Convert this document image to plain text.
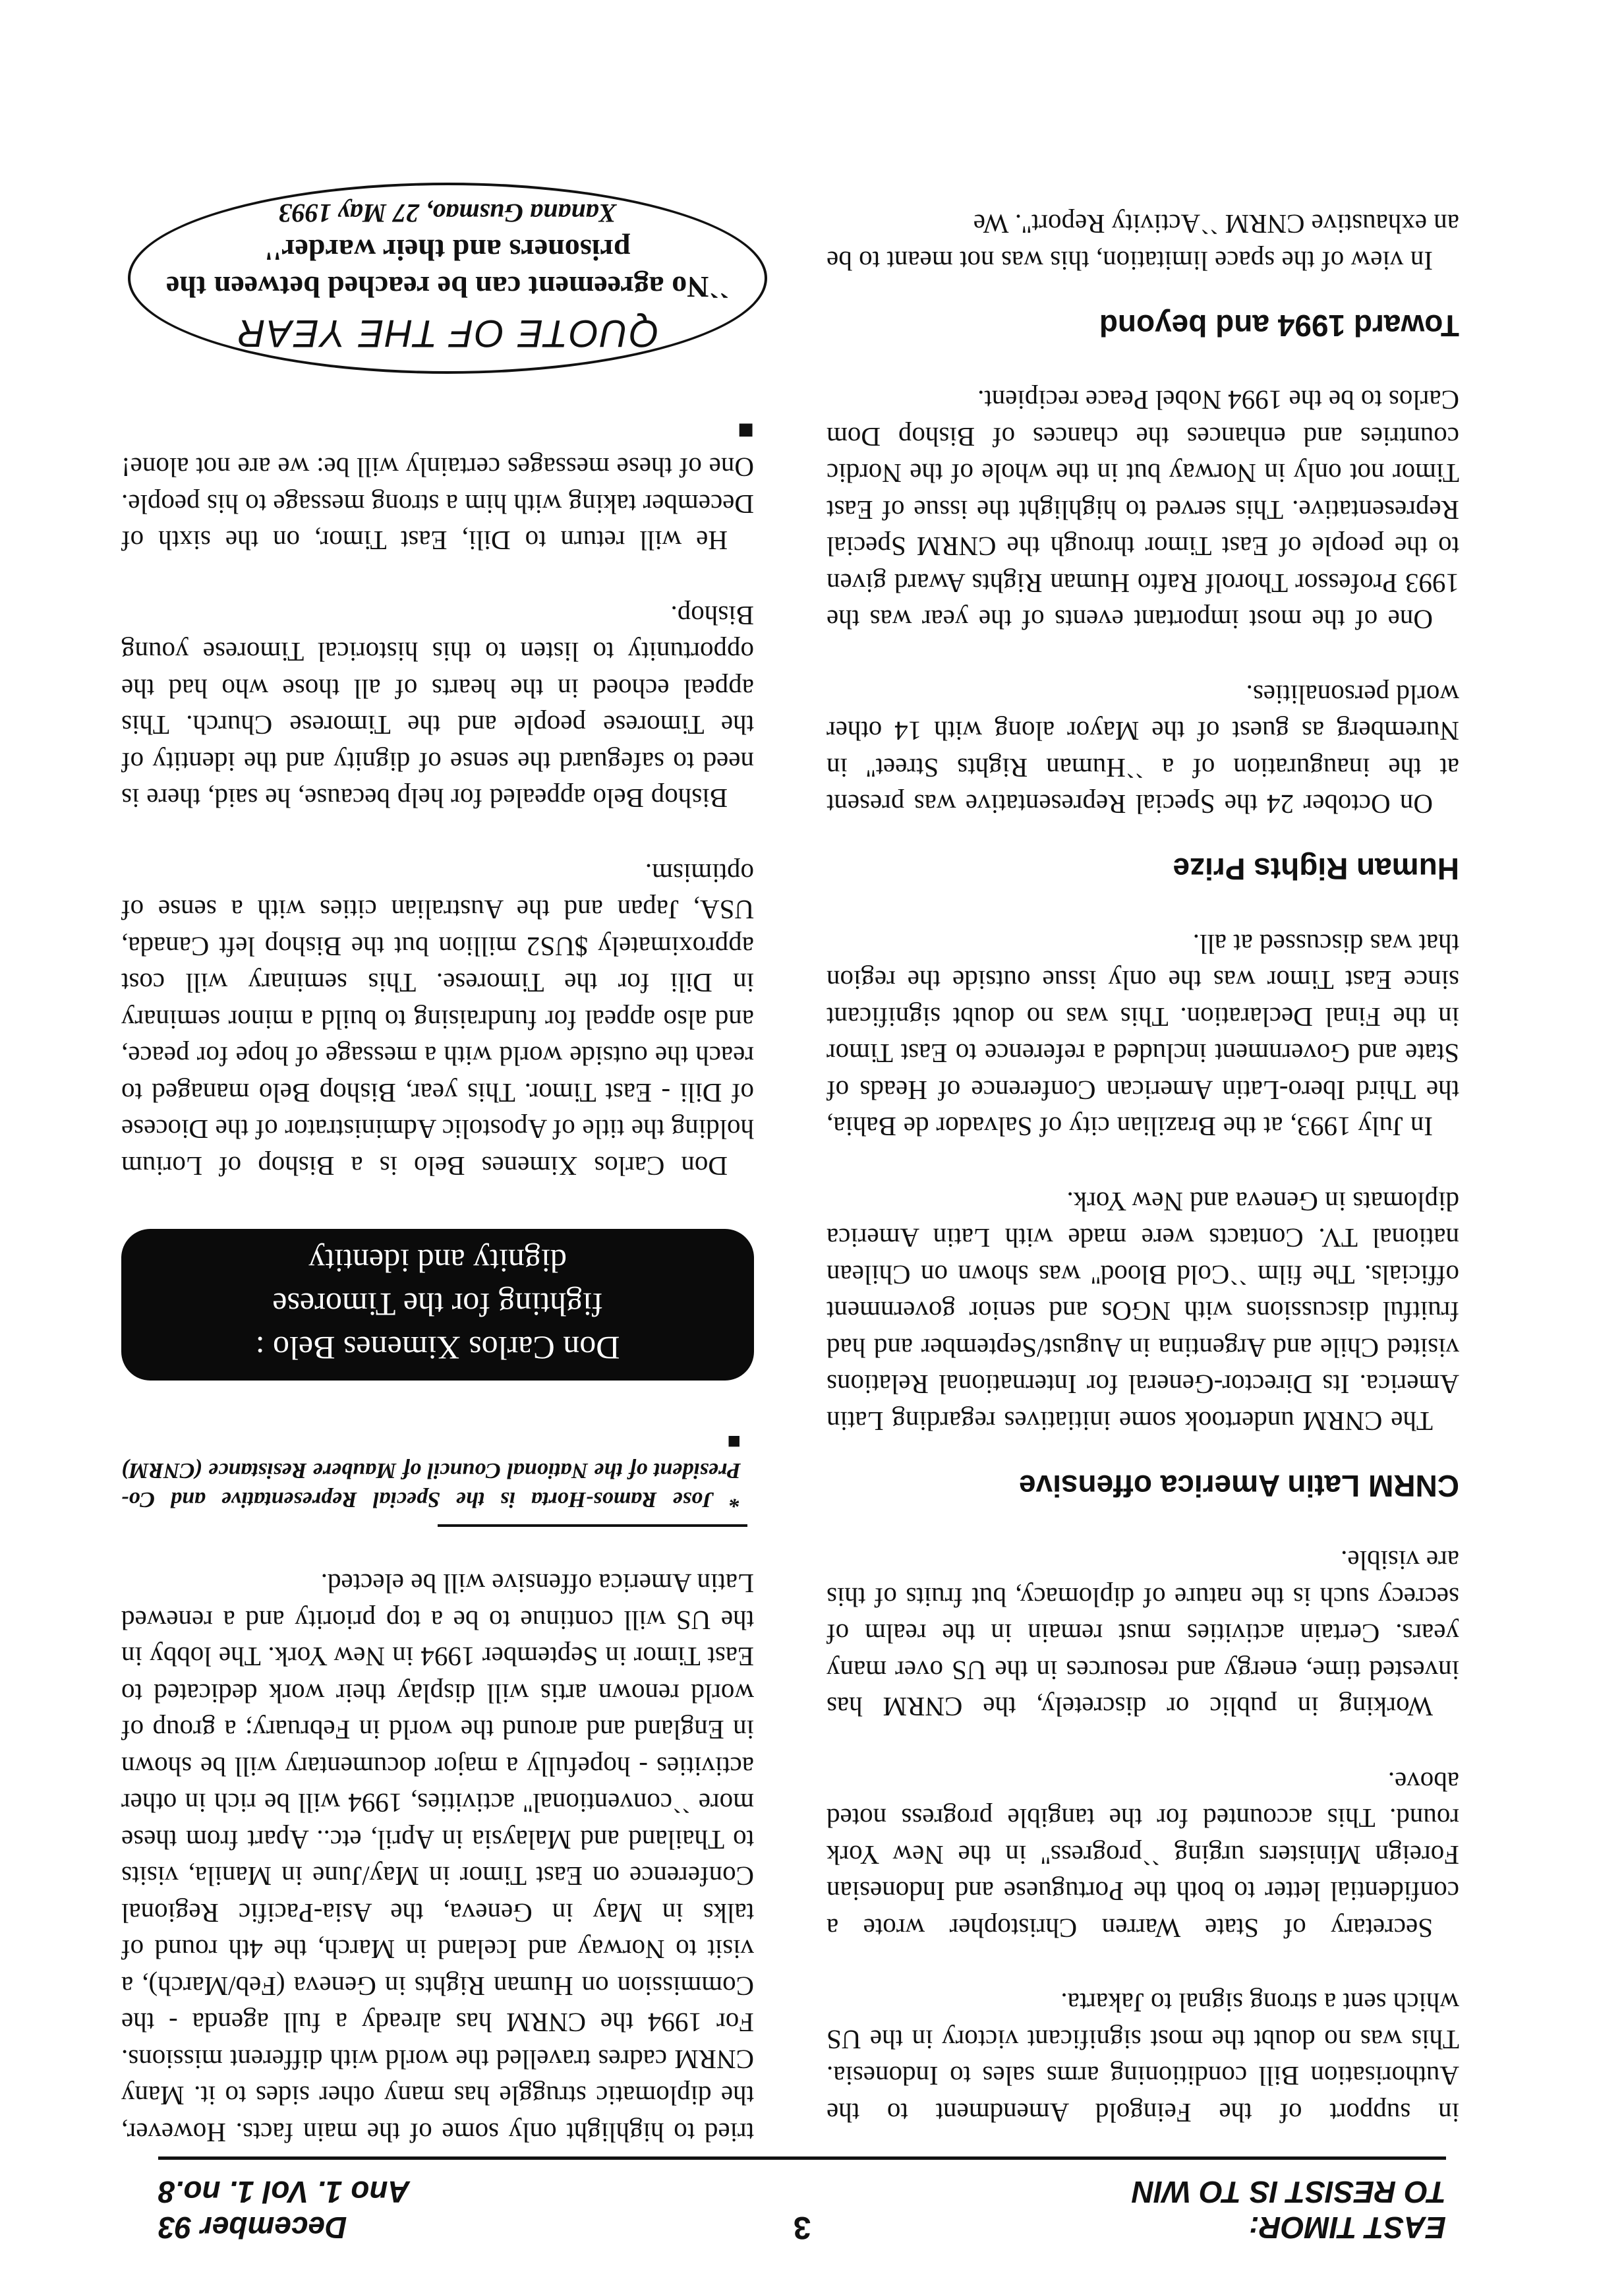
EAST TIMOR:
TO RESIST IS TO WIN
3
December 93
Ano 1. Vol 1. no.8

in support of the Feingold Amendment to the Authorisation Bill conditioning arms sales to Indonesia. This was no doubt the most significant victory in the US which sent a strong signal to Jakarta.

Secretary of State Warren Christopher wrote a confidential letter to both the Portuguese and Indonesian Foreign Ministers urging ``progress'' in the New York round. This accounted for the tangible progress noted above.

Working in public or discretely, the CNRM has invested time, energy and resources in the US over many years. Certain activities must remain in the realm of secrecy such is the nature of diplomacy, but fruits of this are visible.

CNRM Latin America offensive

The CNRM undertook some initiatives regarding Latin America. Its Director-General for International Relations visited Chile and Argentina in August/September and had fruitful discussions with NGOs and senior government officials. The film ``Cold Blood'' was shown on Chilean national TV. Contacts were made with Latin America diplomats in Geneva and New York.

In July 1993, at the Brazilian city of Salvador de Bahia, the Third Ibero-Latin American Conference of Heads of State and Government included a reference to East Timor in the Final Declaration. This was no doubt significant since East Timor was the only issue outside the region that was discussed at all.

Human Rights Prize

On October 24 the Special Representative was present at the inauguration of a ``Human Rights Street'' in Nuremberg as guest of the Mayor along with 14 other world personalities.

One of the most important events of the year was the 1993 Professor Thorolf Rafto Human Rights Award given to the people of East Timor through the CNRM Special Representative. This served to highlight the issue of East Timor not only in Norway but in the whole of the Nordic countries and enhances the chances of Bishop Dom Carlos to be the 1994 Nobel Peace recipient.

Toward 1994 and beyond

In view of the space limitation, this was not meant to be an exhaustive CNRM ``Activity Report''. We

tried to highlight only some of the main facts. However, the diplomatic struggle has many other sides to it. Many CNRM cadres travelled the world with different missions. For 1994 the CNRM has already a full agenda - the Commission on Human Rights in Geneva (Feb/March), a visit to Norway and Iceland in March, the 4th round of talks in May in Geneva, the Asia-Pacific Regional Conference on East Timor in May/June in Manila, visits to Thailand and Malaysia in April, etc.. Apart from these more ``conventional'' activities, 1994 will be rich in other activities - hopefully a major documentary will be shown in England and around the world in February; a group of world renown artis will display their work dedicated to East Timor in September 1994 in New York. The lobby in the US will continue to be a top priority and a renewed Latin America offensive will be elected.

* Jose Ramos-Horta is the Special Representative and Co-President of the National Council of Maubere Resistance (CNRM) ■
Don Carlos Ximenes Belo :
fighting for the Timorese
dignity and identity

Don Carlos Ximenes Belo is a Bishop of Lorium holding the title of Apostolic Administrator of the Diocese of Dili - East Timor. This year, Bishop Belo managed to reach the outside world with a message of hope for peace, and also appeal for fundraising to build a minor seminary in Dili for the Timorese. This seminary will cost approximately $US2 million but the Bishop left Canada, USA, Japan and the Australian cities with a sense of optimism.

Bishop Belo appealed for help because, he said, there is need to safeguard the sense of dignity and the identity of the Timorese people and the Timorese Church. This appeal echoed in the hearts of all those who had the opportunity to listen to this historical Timorese young Bishop.

He will return to Dili, East Timor, on the sixth of December taking with him a strong message to his people. One of these messages certainly will be: we are not alone!■

QUOTE OF THE YEAR
``No agreement can be reached between the prisoners and their warder''
Xanana Gusmao, 27 May 1993
